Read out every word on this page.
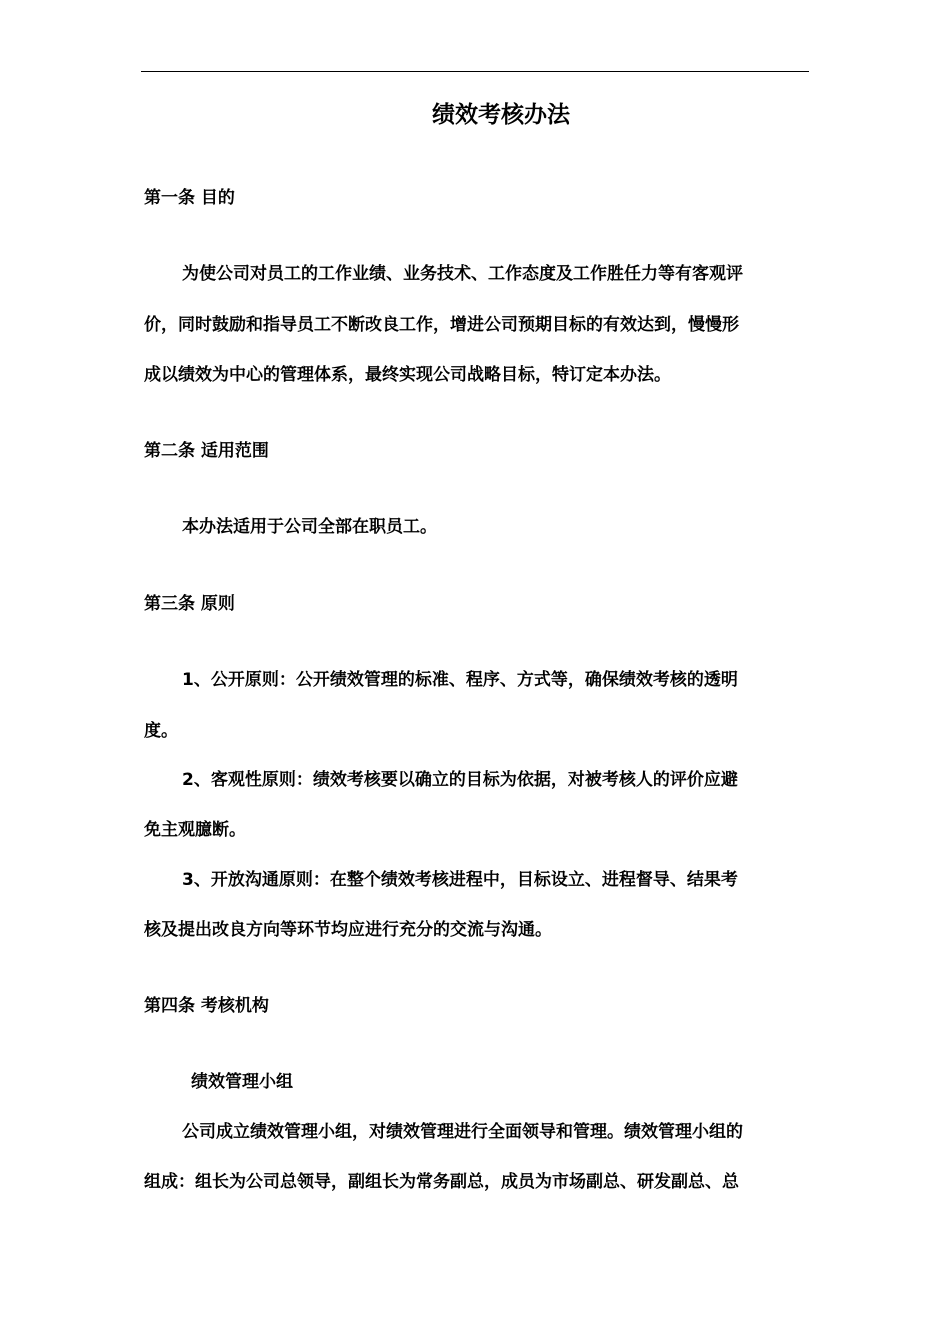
绩效考核办法
第一条 目的
为使公司对员工的工作业绩、业务技术、工作态度及工作胜任力等有客观评
价，同时鼓励和指导员工不断改良工作，增进公司预期目标的有效达到，慢慢形
成以绩效为中心的管理体系，最终实现公司战略目标，特订定本办法。
第二条 适用范围
本办法适用于公司全部在职员工。
第三条 原则
1、公开原则：公开绩效管理的标准、程序、方式等，确保绩效考核的透明
度。
2、客观性原则：绩效考核要以确立的目标为依据，对被考核人的评价应避
免主观臆断。
3、开放沟通原则：在整个绩效考核进程中，目标设立、进程督导、结果考
核及提出改良方向等环节均应进行充分的交流与沟通。
第四条 考核机构
绩效管理小组
公司成立绩效管理小组，对绩效管理进行全面领导和管理。绩效管理小组的
组成：组长为公司总领导，副组长为常务副总，成员为市场副总、研发副总、总
